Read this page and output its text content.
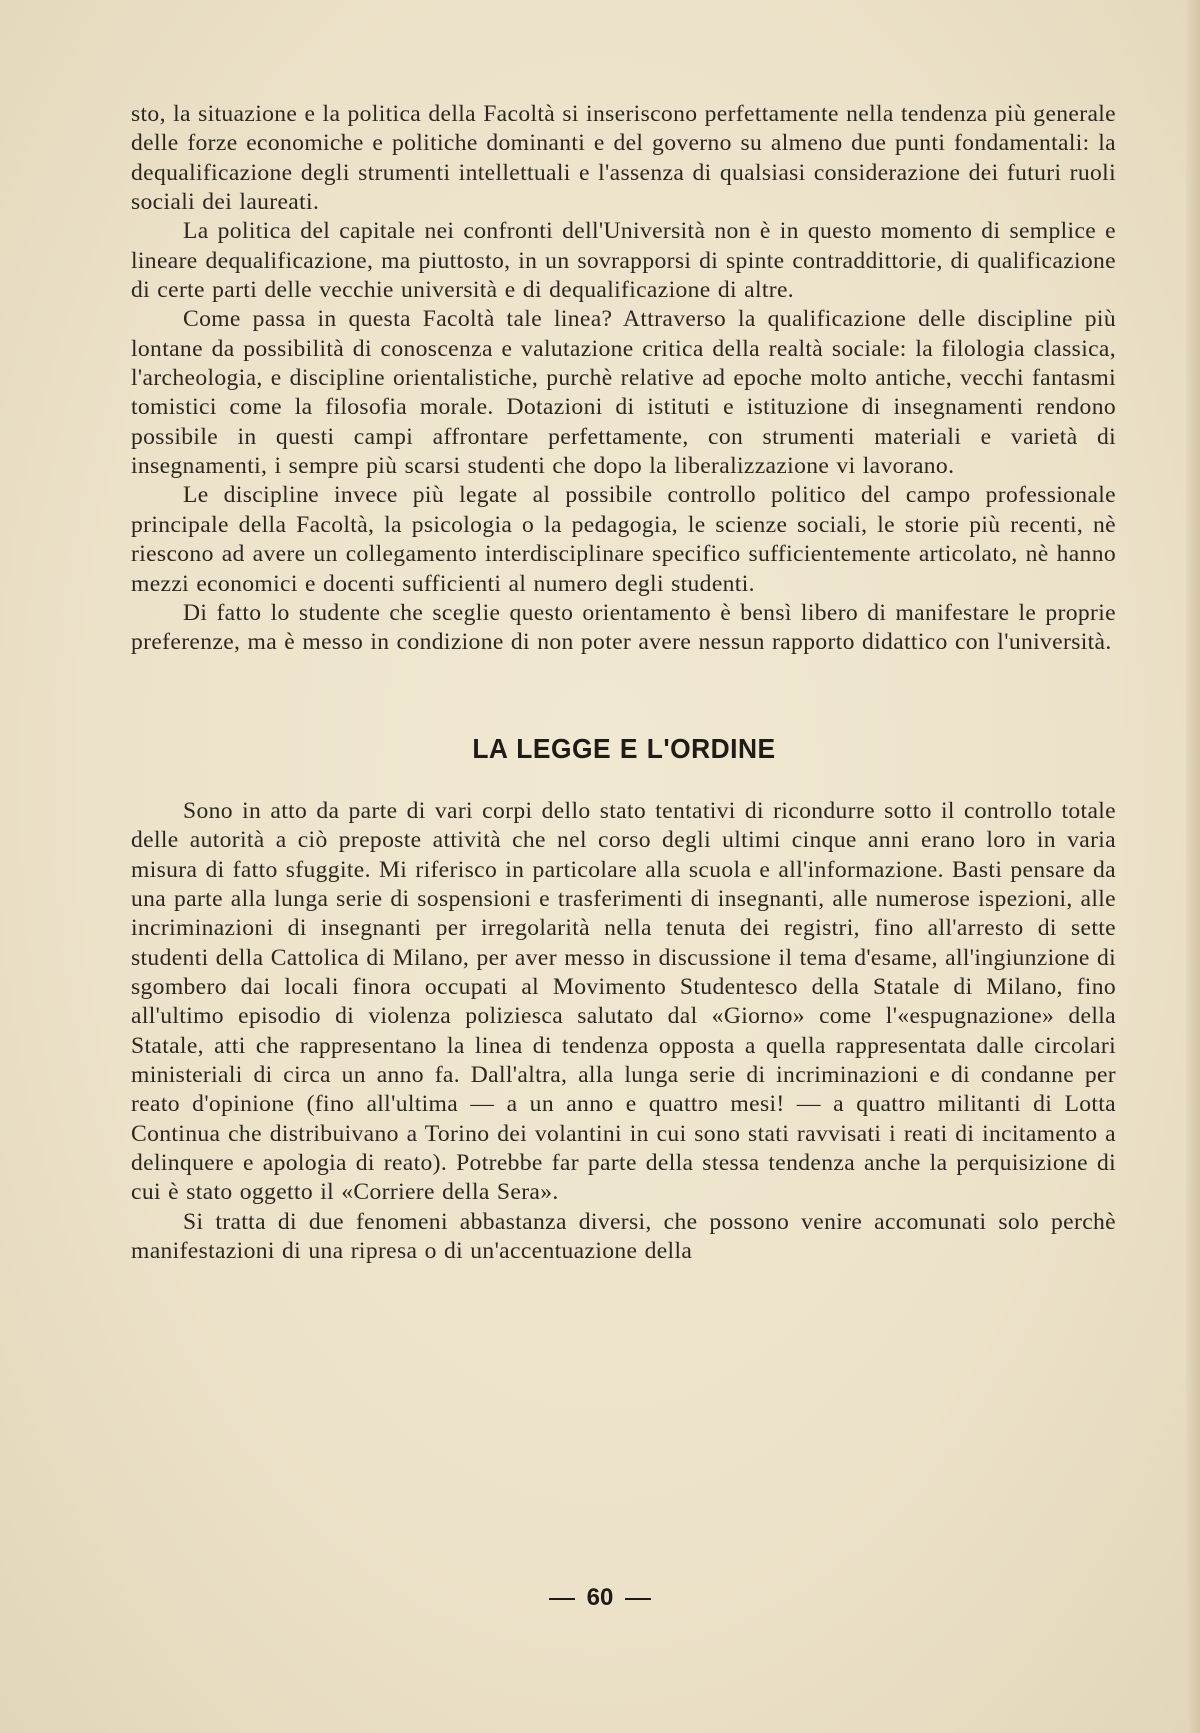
sto, la situazione e la politica della Facoltà si inseriscono perfettamente nella tendenza più generale delle forze economiche e politiche dominanti e del governo su almeno due punti fondamentali: la dequalificazione degli strumenti intellettuali e l'assenza di qualsiasi considerazione dei futuri ruoli sociali dei laureati.

La politica del capitale nei confronti dell'Università non è in questo momento di semplice e lineare dequalificazione, ma piuttosto, in un sovrapporsi di spinte contraddittorie, di qualificazione di certe parti delle vecchie università e di dequalificazione di altre.

Come passa in questa Facoltà tale linea? Attraverso la qualificazione delle discipline più lontane da possibilità di conoscenza e valutazione critica della realtà sociale: la filologia classica, l'archeologia, e discipline orientalistiche, purchè relative ad epoche molto antiche, vecchi fantasmi tomistici come la filosofia morale. Dotazioni di istituti e istituzione di insegnamenti rendono possibile in questi campi affrontare perfettamente, con strumenti materiali e varietà di insegnamenti, i sempre più scarsi studenti che dopo la liberalizzazione vi lavorano.

Le discipline invece più legate al possibile controllo politico del campo professionale principale della Facoltà, la psicologia o la pedagogia, le scienze sociali, le storie più recenti, nè riescono ad avere un collegamento interdisciplinare specifico sufficientemente articolato, nè hanno mezzi economici e docenti sufficienti al numero degli studenti.

Di fatto lo studente che sceglie questo orientamento è bensì libero di manifestare le proprie preferenze, ma è messo in condizione di non poter avere nessun rapporto didattico con l'università.

LA LEGGE E L'ORDINE

Sono in atto da parte di vari corpi dello stato tentativi di ricondurre sotto il controllo totale delle autorità a ciò preposte attività che nel corso degli ultimi cinque anni erano loro in varia misura di fatto sfuggite. Mi riferisco in particolare alla scuola e all'informazione. Basti pensare da una parte alla lunga serie di sospensioni e trasferimenti di insegnanti, alle numerose ispezioni, alle incriminazioni di insegnanti per irregolarità nella tenuta dei registri, fino all'arresto di sette studenti della Cattolica di Milano, per aver messo in discussione il tema d'esame, all'ingiunzione di sgombero dai locali finora occupati al Movimento Studentesco della Statale di Milano, fino all'ultimo episodio di violenza poliziesca salutato dal «Giorno» come l'«espugnazione» della Statale, atti che rappresentano la linea di tendenza opposta a quella rappresentata dalle circolari ministeriali di circa un anno fa. Dall'altra, alla lunga serie di incriminazioni e di condanne per reato d'opinione (fino all'ultima — a un anno e quattro mesi! — a quattro militanti di Lotta Continua che distribuivano a Torino dei volantini in cui sono stati ravvisati i reati di incitamento a delinquere e apologia di reato). Potrebbe far parte della stessa tendenza anche la perquisizione di cui è stato oggetto il «Corriere della Sera».

Si tratta di due fenomeni abbastanza diversi, che possono venire accomunati solo perchè manifestazioni di una ripresa o di un'accentuazione della

60
